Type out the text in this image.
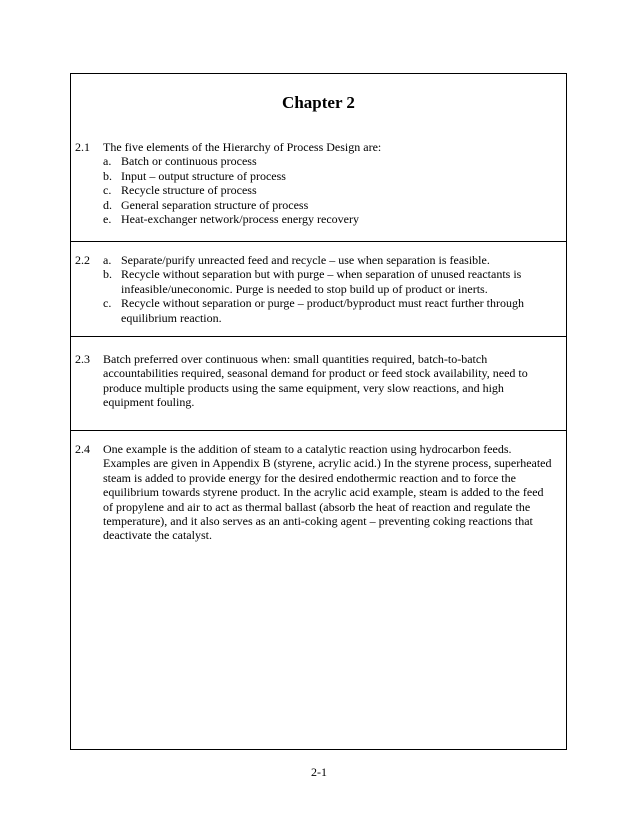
Chapter 2
2.1 The five elements of the Hierarchy of Process Design are:
a. Batch or continuous process
b. Input – output structure of process
c. Recycle structure of process
d. General separation structure of process
e. Heat-exchanger network/process energy recovery
2.2 a. Separate/purify unreacted feed and recycle – use when separation is feasible.
b. Recycle without separation but with purge – when separation of unused reactants is infeasible/uneconomic. Purge is needed to stop build up of product or inerts.
c. Recycle without separation or purge – product/byproduct must react further through equilibrium reaction.
2.3 Batch preferred over continuous when: small quantities required, batch-to-batch accountabilities required, seasonal demand for product or feed stock availability, need to produce multiple products using the same equipment, very slow reactions, and high equipment fouling.
2.4 One example is the addition of steam to a catalytic reaction using hydrocarbon feeds. Examples are given in Appendix B (styrene, acrylic acid.) In the styrene process, superheated steam is added to provide energy for the desired endothermic reaction and to force the equilibrium towards styrene product. In the acrylic acid example, steam is added to the feed of propylene and air to act as thermal ballast (absorb the heat of reaction and regulate the temperature), and it also serves as an anti-coking agent – preventing coking reactions that deactivate the catalyst.
2-1
